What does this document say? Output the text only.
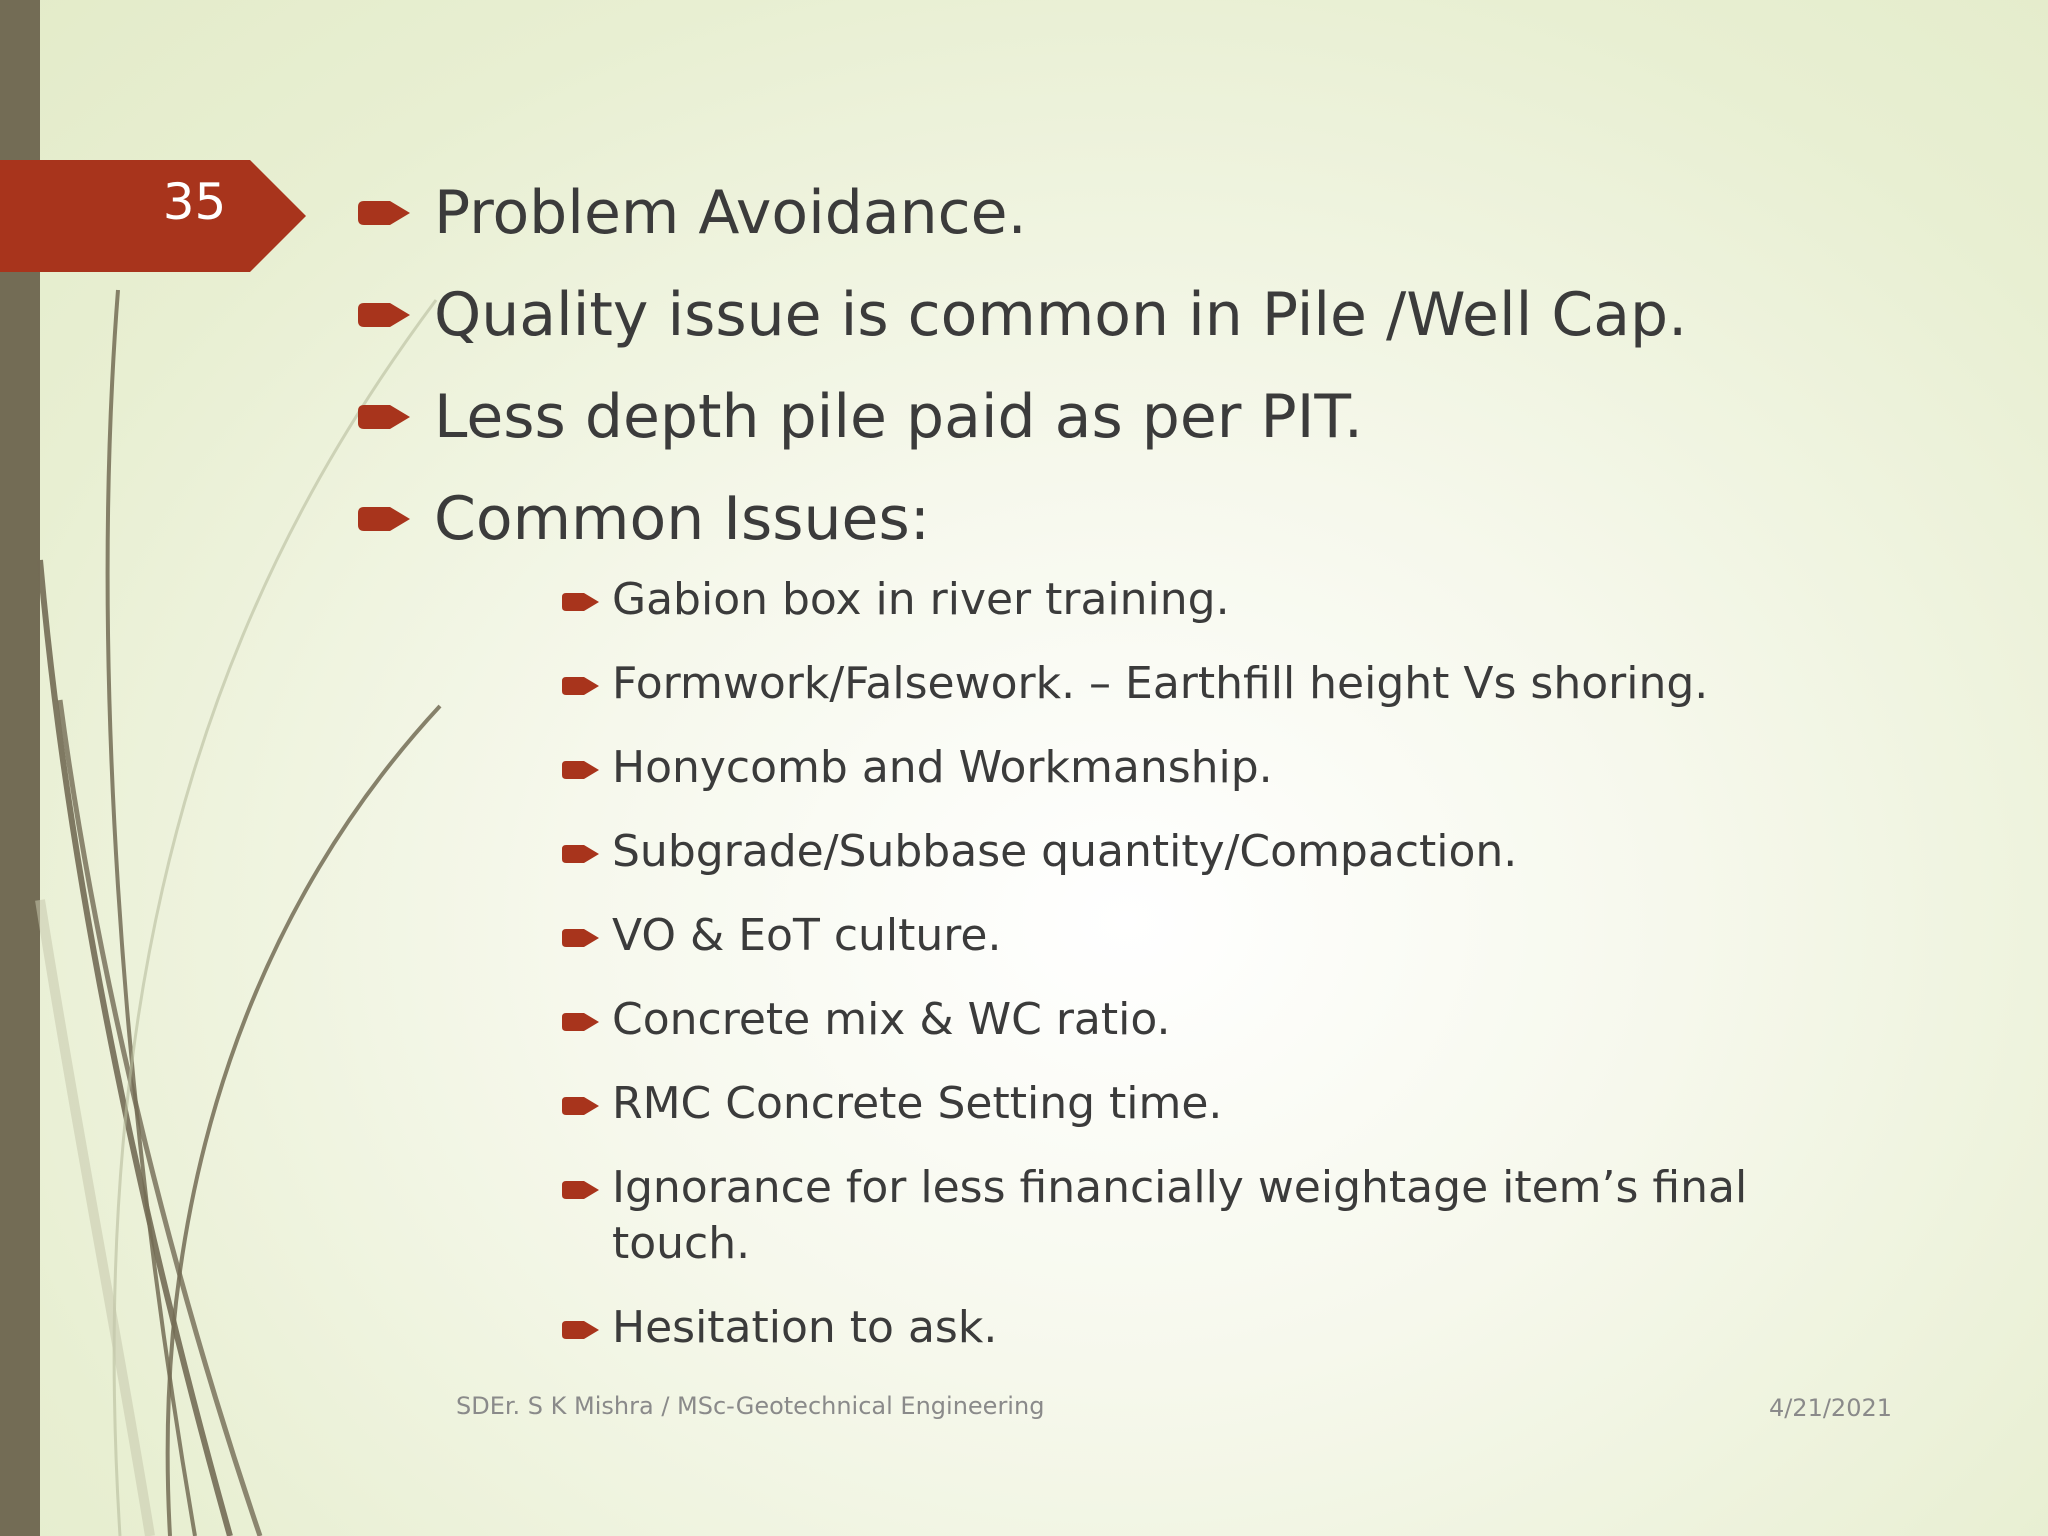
35	Problem Avoidance.
Quality issue is common in Pile /Well Cap.
Less depth pile paid as per PIT.
Common Issues:
Gabion box in river training.
Formwork/Falsework. – Earthfill height Vs shoring.
Honycomb and Workmanship.
Subgrade/Subbase quantity/Compaction.
VO & EoT culture.
Concrete mix & WC ratio.
RMC Concrete Setting time.
Ignorance for less financially weightage item’s final touch.
Hesitation to ask.
SDEr. S K Mishra / MSc-Geotechnical Engineering	4/21/2021
